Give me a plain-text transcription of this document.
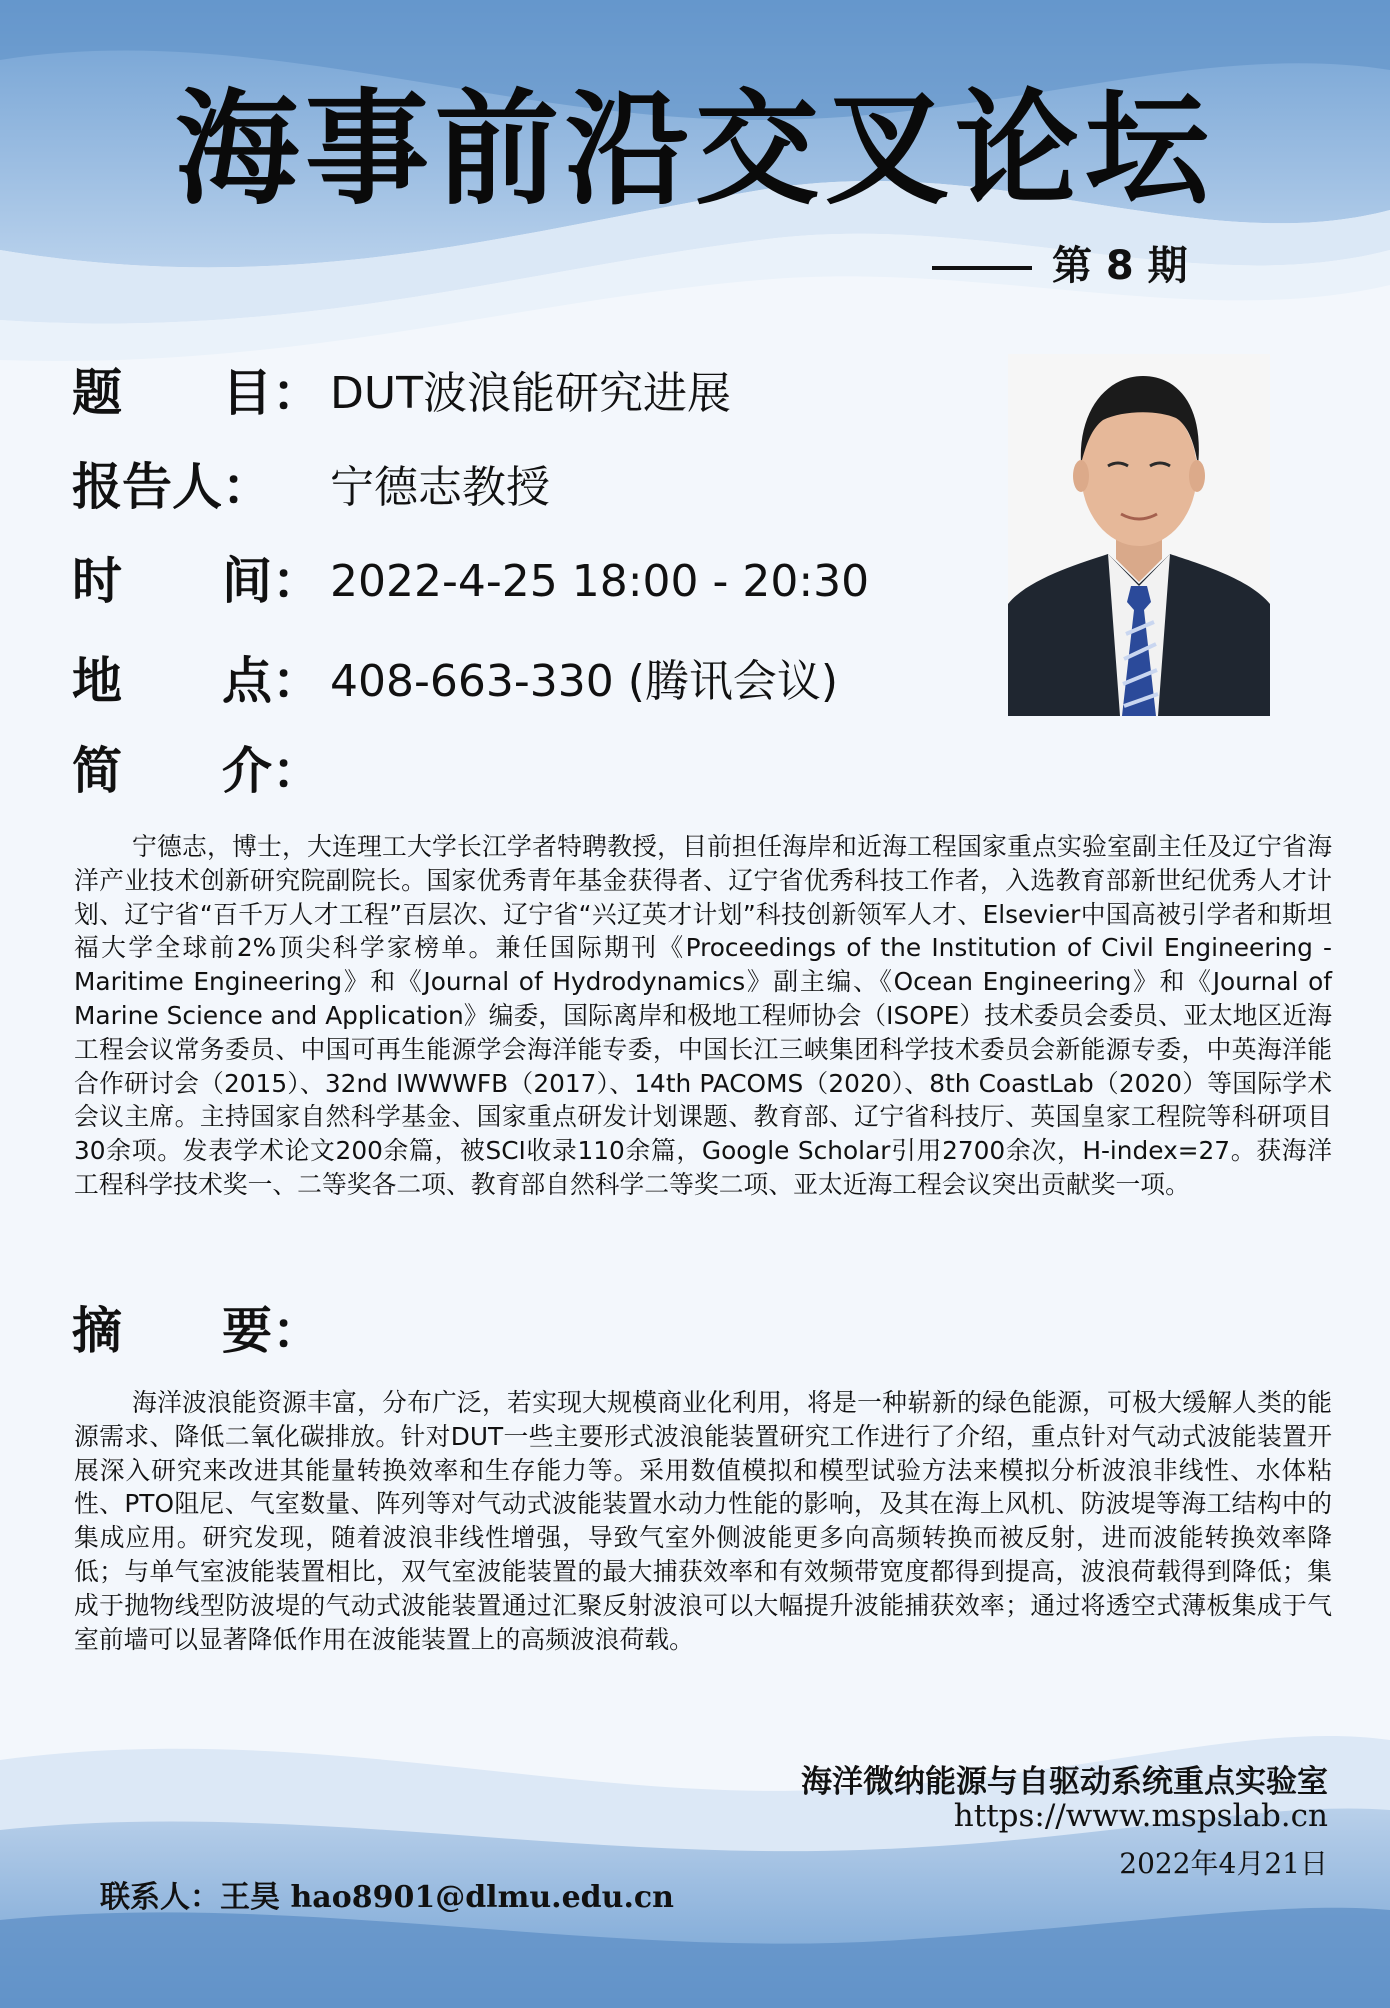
海事前沿交叉论坛
第 8 期
题　　目： DUT波浪能研究进展
报告人： 宁德志教授
时　　间： 2022-4-25 18:00 - 20:30
地　　点： 408-663-330 (腾讯会议)
简　　介：

宁德志，博士，大连理工大学长江学者特聘教授，目前担任海岸和近海工程国家重点实验室副主任及辽宁省海洋产业技术创新研究院副院长。国家优秀青年基金获得者、辽宁省优秀科技工作者，入选教育部新世纪优秀人才计划、辽宁省“百千万人才工程”百层次、辽宁省“兴辽英才计划”科技创新领军人才、Elsevier中国高被引学者和斯坦福大学全球前2%顶尖科学家榜单。兼任国际期刊《Proceedings of the Institution of Civil Engineering - Maritime Engineering》和《Journal of Hydrodynamics》副主编、《Ocean Engineering》和《Journal of Marine Science and Application》编委，国际离岸和极地工程师协会（ISOPE）技术委员会委员、亚太地区近海工程会议常务委员、中国可再生能源学会海洋能专委，中国长江三峡集团科学技术委员会新能源专委，中英海洋能合作研讨会（2015）、32nd IWWWFB（2017）、14th PACOMS（2020）、8th CoastLab（2020）等国际学术会议主席。主持国家自然科学基金、国家重点研发计划课题、教育部、辽宁省科技厅、英国皇家工程院等科研项目30余项。发表学术论文200余篇，被SCI收录110余篇，Google Scholar引用2700余次，H-index=27。获海洋工程科学技术奖一、二等奖各二项、教育部自然科学二等奖二项、亚太近海工程会议突出贡献奖一项。

摘　　要：

海洋波浪能资源丰富，分布广泛，若实现大规模商业化利用，将是一种崭新的绿色能源，可极大缓解人类的能源需求、降低二氧化碳排放。针对DUT一些主要形式波浪能装置研究工作进行了介绍，重点针对气动式波能装置开展深入研究来改进其能量转换效率和生存能力等。采用数值模拟和模型试验方法来模拟分析波浪非线性、水体粘性、PTO阻尼、气室数量、阵列等对气动式波能装置水动力性能的影响，及其在海上风机、防波堤等海工结构中的集成应用。研究发现，随着波浪非线性增强，导致气室外侧波能更多向高频转换而被反射，进而波能转换效率降低；与单气室波能装置相比，双气室波能装置的最大捕获效率和有效频带宽度都得到提高，波浪荷载得到降低；集成于抛物线型防波堤的气动式波能装置通过汇聚反射波浪可以大幅提升波能捕获效率；通过将透空式薄板集成于气室前墙可以显著降低作用在波能装置上的高频波浪荷载。

海洋微纳能源与自驱动系统重点实验室
https://www.mspslab.cn
2022年4月21日
联系人：王昊 hao8901@dlmu.edu.cn
